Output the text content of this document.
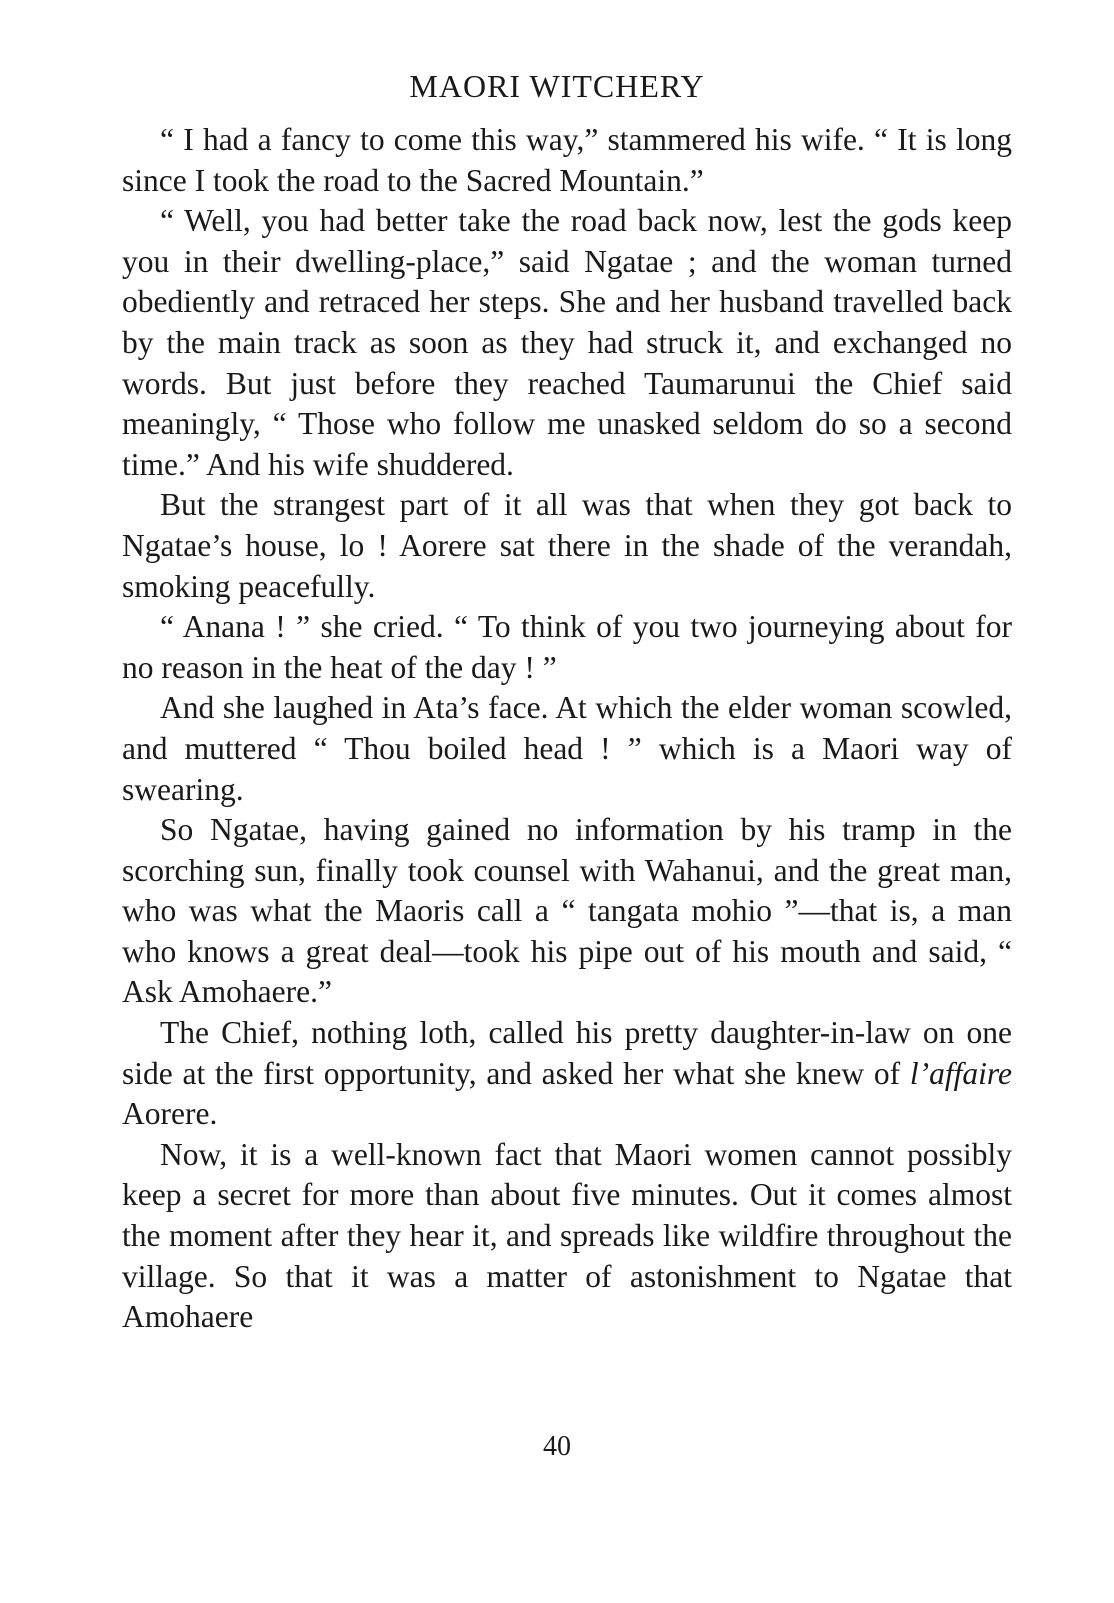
MAORI WITCHERY

“ I had a fancy to come this way,” stammered his wife. “ It is long since I took the road to the Sacred Mountain.”

“ Well, you had better take the road back now, lest the gods keep you in their dwelling-place,” said Ngatae ; and the woman turned obediently and retraced her steps. She and her husband travelled back by the main track as soon as they had struck it, and exchanged no words. But just before they reached Taumarunui the Chief said meaningly, “ Those who follow me unasked seldom do so a second time.” And his wife shuddered.

But the strangest part of it all was that when they got back to Ngatae’s house, lo ! Aorere sat there in the shade of the verandah, smoking peacefully.

“ Anana ! ” she cried. “ To think of you two journeying about for no reason in the heat of the day ! ”

And she laughed in Ata’s face. At which the elder woman scowled, and muttered “ Thou boiled head ! ” which is a Maori way of swearing.

So Ngatae, having gained no information by his tramp in the scorching sun, finally took counsel with Wahanui, and the great man, who was what the Maoris call a “ tangata mohio ”—that is, a man who knows a great deal—took his pipe out of his mouth and said, “ Ask Amohaere.”

The Chief, nothing loth, called his pretty daughter-in-law on one side at the first opportunity, and asked her what she knew of l’affaire Aorere.

Now, it is a well-known fact that Maori women cannot possibly keep a secret for more than about five minutes. Out it comes almost the moment after they hear it, and spreads like wildfire throughout the village. So that it was a matter of astonishment to Ngatae that Amohaere

40
